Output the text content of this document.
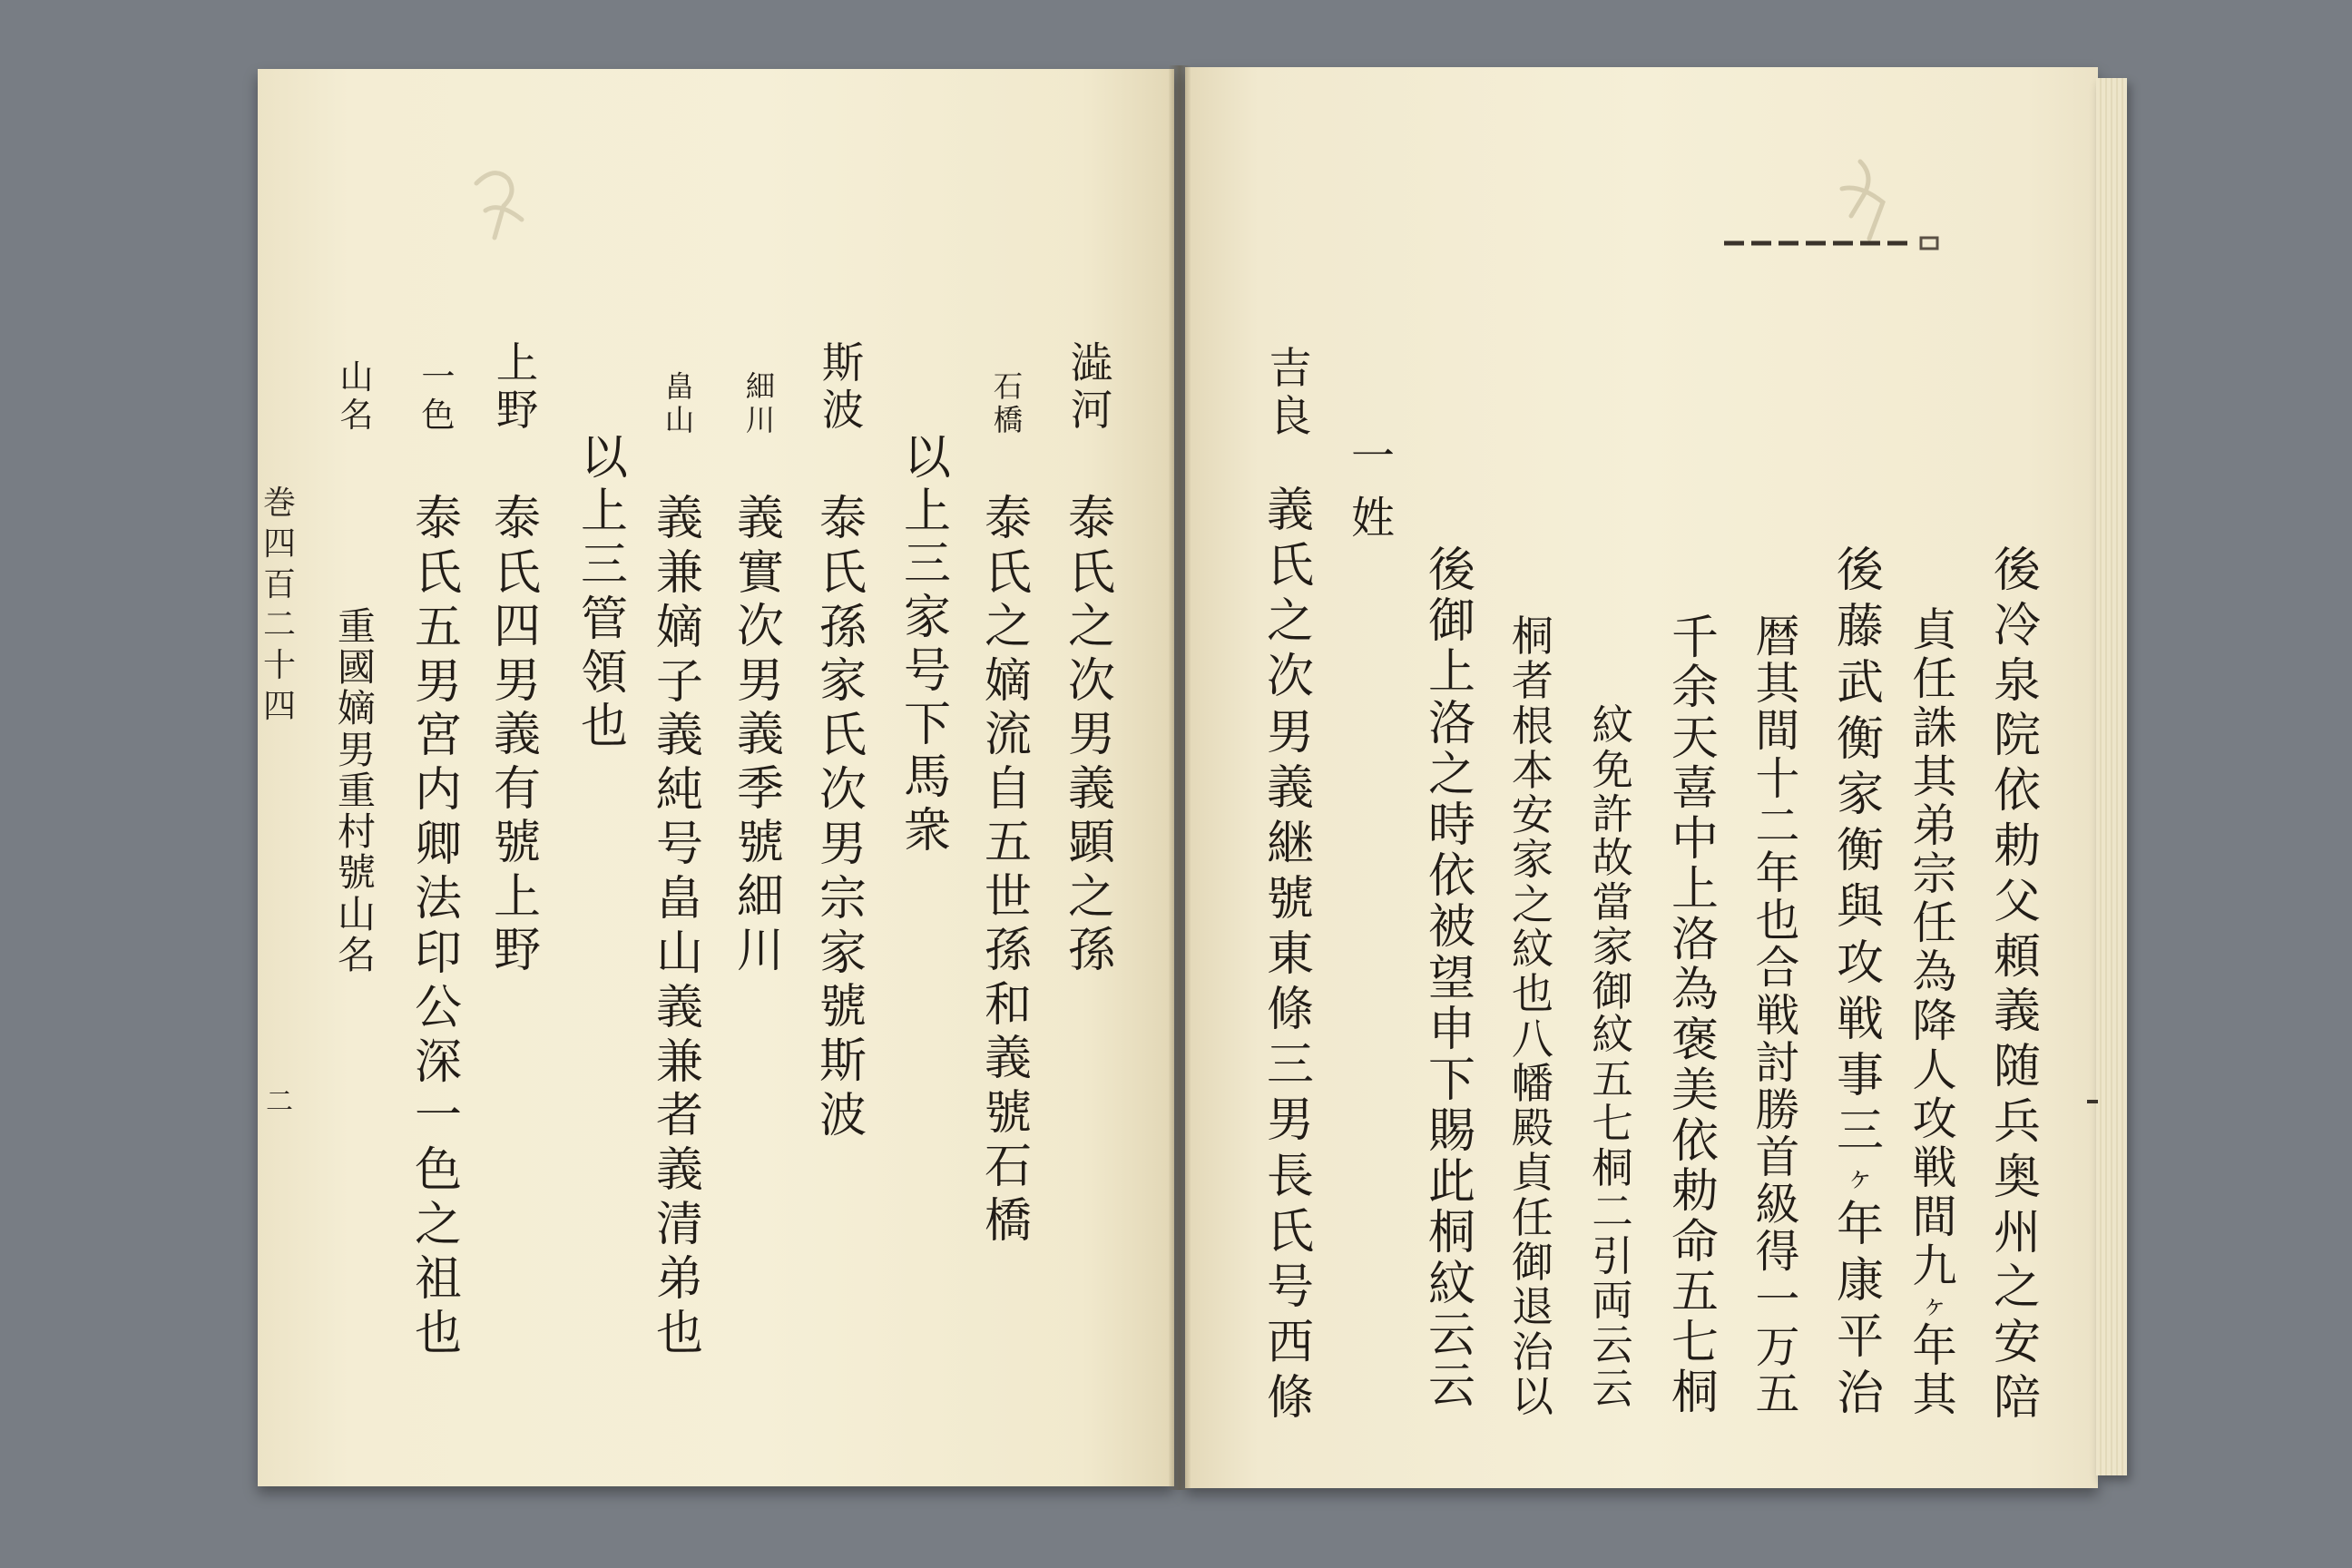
澁
河
泰
氏
之
次
男
義
顕
之
孫
石
橋
泰
氏
之
嫡
流
自
五
世
孫
和
義
號
石
橋
以
上
三
家
号
下
馬
衆
斯
波
泰
氏
孫
家
氏
次
男
宗
家
號
斯
波
細
川
義
實
次
男
義
季
號
細
川
畠
山
義
兼
嫡
子
義
純
号
畠
山
義
兼
者
義
清
弟
也
以
上
三
管
領
也
上
野
泰
氏
四
男
義
有
號
上
野
一
色
泰
氏
五
男
宮
内
卿
法
印
公
深
一
色
之
祖
也
山
名
重
國
嫡
男
重
村
號
山
名
巻
四
百
二
十
四
二
後
冷
泉
院
依
勅
父
頼
義
随
兵
奥
州
之
安
陪
貞
任
誅
其
弟
宗
任
為
降
人
攻
戦
間
九
ヶ
年
其
後
藤
武
衡
家
衡
與
攻
戦
事
三
ヶ
年
康
平
治
暦
其
間
十
二
年
也
合
戦
討
勝
首
級
得
一
万
五
千
余
天
喜
中
上
洛
為
褒
美
依
勅
命
五
七
桐
紋
免
許
故
當
家
御
紋
五
七
桐
二
引
両
云
云
桐
者
根
本
安
家
之
紋
也
八
幡
殿
貞
任
御
退
治
以
後
御
上
洛
之
時
依
被
望
申
下
賜
此
桐
紋
云
云
一
姓
吉
良
義
氏
之
次
男
義
継
號
東
條
三
男
長
氏
号
西
條
